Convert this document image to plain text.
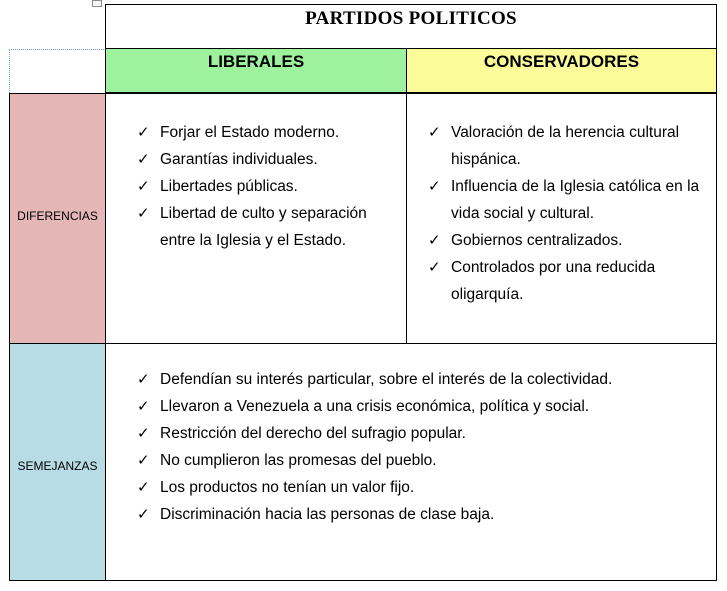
PARTIDOS POLITICOS
LIBERALES	CONSERVADORES
DIFERENCIAS
SEMEJANZAS
✓ Forjar el Estado moderno.
✓ Garantías individuales.
✓ Libertades públicas.
✓ Libertad de culto y separación entre la Iglesia y el Estado.
✓ Valoración de la herencia cultural hispánica.
✓ Influencia de la Iglesia católica en la vida social y cultural.
✓ Gobiernos centralizados.
✓ Controlados por una reducida oligarquía.
✓ Defendían su interés particular, sobre el interés de la colectividad.
✓ Llevaron a Venezuela a una crisis económica, política y social.
✓ Restricción del derecho del sufragio popular.
✓ No cumplieron las promesas del pueblo.
✓ Los productos no tenían un valor fijo.
✓ Discriminación hacia las personas de clase baja.
